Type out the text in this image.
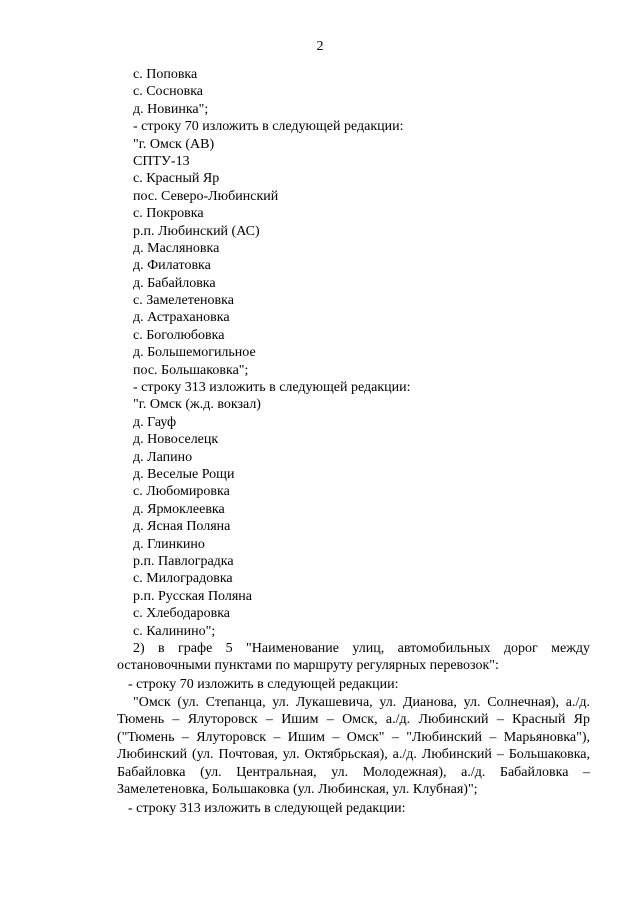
2
с. Поповка
с. Сосновка
д. Новинка";
- строку 70 изложить в следующей редакции:
"г. Омск (АВ)
СПТУ-13
с. Красный Яр
пос. Северо-Любинский
с. Покровка
р.п. Любинский (АС)
д. Масляновка
д. Филатовка
д. Бабайловка
с. Замелетеновка
д. Астрахановка
с. Боголюбовка
д. Большемогильное
пос. Большаковка";
- строку 313 изложить в следующей редакции:
"г. Омск (ж.д. вокзал)
д. Гауф
д. Новоселецк
д. Лапино
д. Веселые Рощи
с. Любомировка
д. Ярмоклеевка
д. Ясная Поляна
д. Глинкино
р.п. Павлоградка
с. Милоградовка
р.п. Русская Поляна
с. Хлебодаровка
с. Калинино";
2) в графе 5 "Наименование улиц, автомобильных дорог между
остановочными пунктами по маршруту регулярных перевозок":
- строку 70 изложить в следующей редакции:
"Омск (ул. Степанца, ул. Лукашевича, ул. Дианова, ул. Солнечная), а./д.
Тюмень – Ялуторовск – Ишим – Омск, а./д. Любинский – Красный Яр
("Тюмень – Ялуторовск – Ишим – Омск" – "Любинский – Марьяновка"),
Любинский (ул. Почтовая, ул. Октябрьская), а./д. Любинский – Большаковка,
Бабайловка (ул. Центральная, ул. Молодежная), а./д. Бабайловка –
Замелетеновка, Большаковка (ул. Любинская, ул. Клубная)";
- строку 313 изложить в следующей редакции:
